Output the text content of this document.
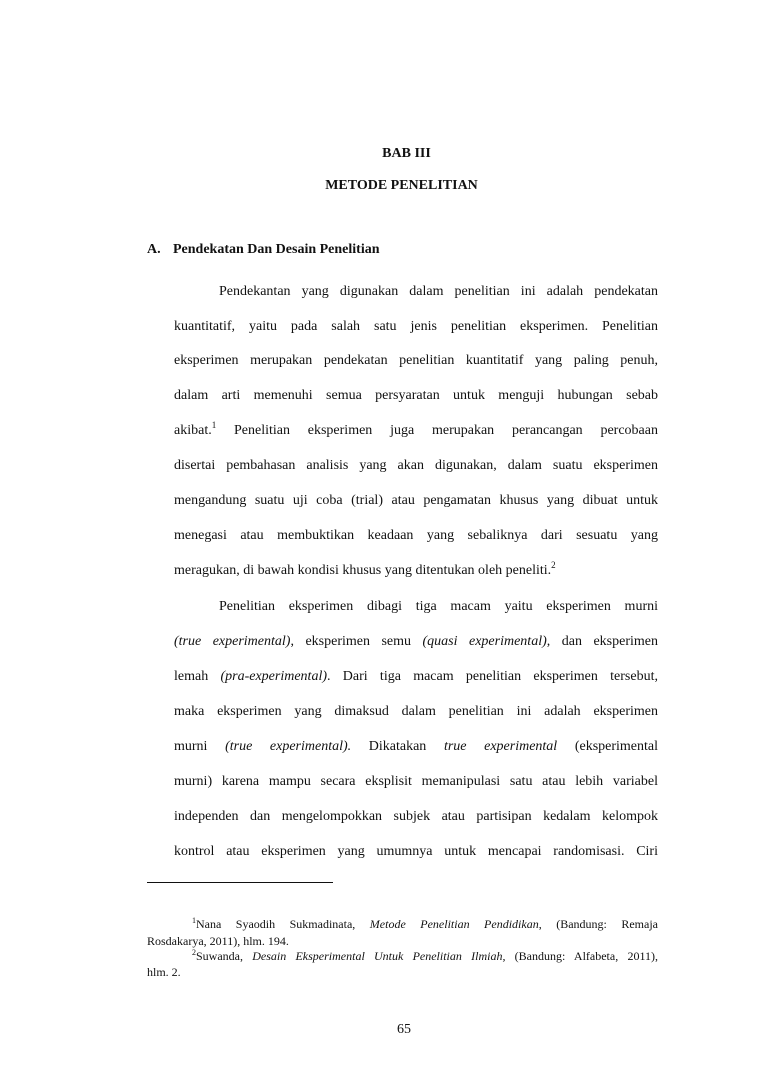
BAB III
METODE PENELITIAN
A. Pendekatan Dan Desain Penelitian
Pendekantan yang digunakan dalam penelitian ini adalah pendekatan
kuantitatif, yaitu pada salah satu jenis penelitian eksperimen. Penelitian
eksperimen merupakan pendekatan penelitian kuantitatif yang paling penuh,
dalam arti memenuhi semua persyaratan untuk menguji hubungan sebab
akibat.$^1$ Penelitian eksperimen juga merupakan perancangan percobaan
disertai pembahasan analisis yang akan digunakan, dalam suatu eksperimen
mengandung suatu uji coba (trial) atau pengamatan khusus yang dibuat untuk
menegasi atau membuktikan keadaan yang sebaliknya dari sesuatu yang
meragukan, di bawah kondisi khusus yang ditentukan oleh peneliti.$^2$
Penelitian eksperimen dibagi tiga macam yaitu eksperimen murni
(true experimental), eksperimen semu (quasi experimental), dan eksperimen
lemah (pra-experimental). Dari tiga macam penelitian eksperimen tersebut,
maka eksperimen yang dimaksud dalam penelitian ini adalah eksperimen
murni (true experimental). Dikatakan true experimental (eksperimental
murni) karena mampu secara eksplisit memanipulasi satu atau lebih variabel
independen dan mengelompokkan subjek atau partisipan kedalam kelompok
kontrol atau eksperimen yang umumnya untuk mencapai randomisasi. Ciri
$^1$Nana Syaodih Sukmadinata, Metode Penelitian Pendidikan, (Bandung: Remaja
Rosdakarya, 2011), hlm. 194.
$^2$Suwanda, Desain Eksperimental Untuk Penelitian Ilmiah, (Bandung: Alfabeta, 2011),
hlm. 2.
65
